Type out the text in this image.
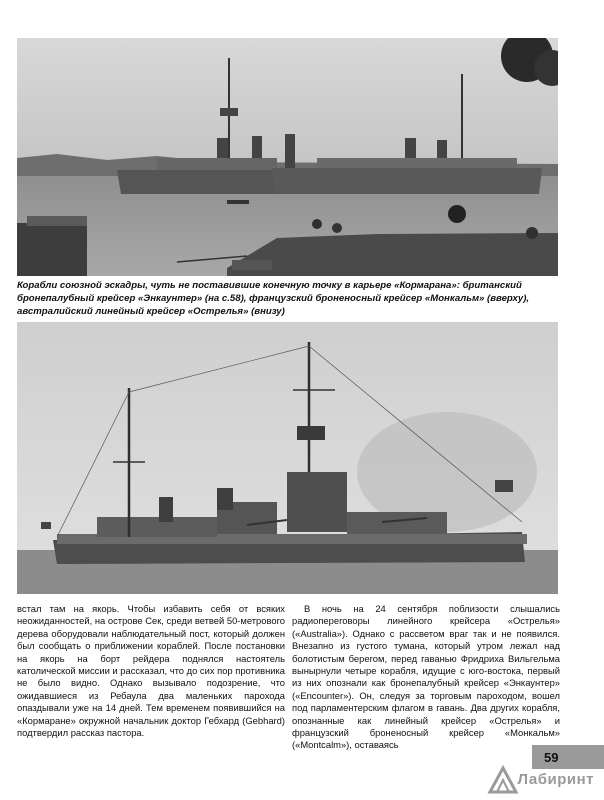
Корабли союзной эскадры, чуть не поставившие конечную точку в карьере «Кормарана»: британский бронепалубный крейсер «Энкаунтер» (на с.58), французский броненосный крейсер «Монкальм» (вверху), австралийский линейный крейсер «Острелья» (внизу)

встал там на якорь. Чтобы избавить себя от всяких неожиданностей, на острове Сек, среди ветвей 50-метрового дерева оборудовали наблюдательный пост, который должен был сообщать о приближении кораблей. После постановки на якорь на борт рейдера поднялся настоятель католической миссии и рассказал, что до сих пор противника не было видно. Однако вызывало подозрение, что ожидавшиеся из Ребаула два маленьких парохода опаздывали уже на 14 дней. Тем временем появившийся на «Кормаране» окружной начальник доктор Гебхард (Gebhard) подтвердил рассказ пастора.

В ночь на 24 сентября поблизости слышались радиопереговоры линейного крейсера «Острелья» («Australia»). Однако с рассветом враг так и не появился. Внезапно из густого тумана, который утром лежал над болотистым берегом, перед гаванью Фридриха Вильгельма вынырнули четыре корабля, идущие с юго-востока, первый из них опознали как бронепалубный крейсер «Энкаунтер» («Encounter»). Он, следуя за торговым пароходом, вошел под парламентерским флагом в гавань. Два других корабля, опознанные как линейный крейсер «Острелья» и французский броненосный крейсер «Монкальм» («Montcalm»), оставаясь

59
Лабиринт
